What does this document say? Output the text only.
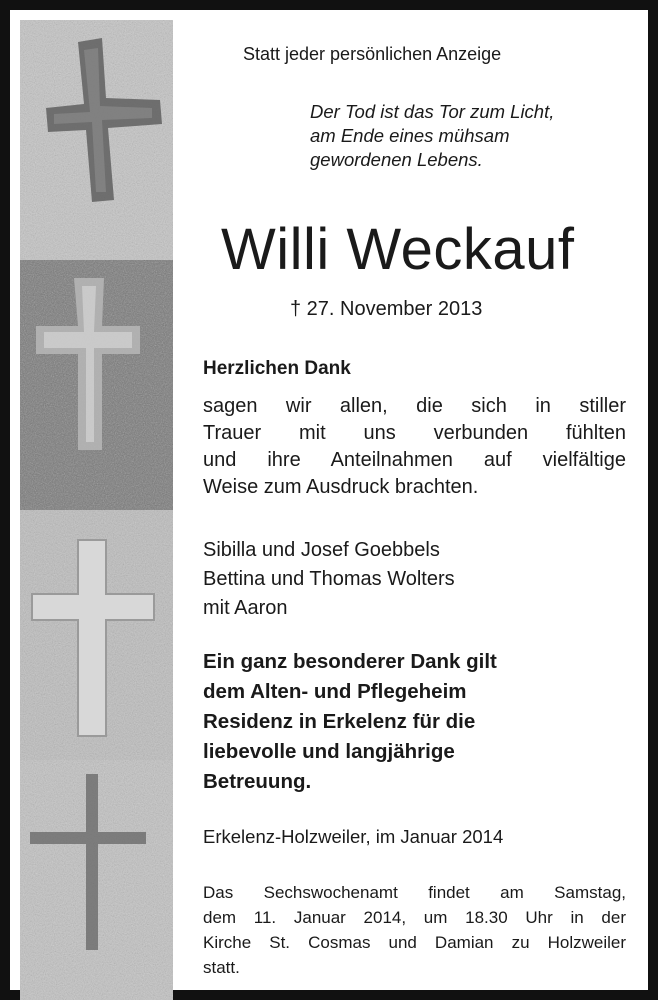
Statt jeder persönlichen Anzeige

Der Tod ist das Tor zum Licht,
am Ende eines mühsam
gewordenen Lebens.

Willi Weckauf

† 27. November 2013

Herzlichen Dank

sagen wir allen, die sich in stiller
Trauer mit uns verbunden fühlten
und ihre Anteilnahmen auf vielfältige
Weise zum Ausdruck brachten.
Sibilla und Josef Goebbels
Bettina und Thomas Wolters
mit Aaron
Ein ganz besonderer Dank gilt
dem Alten- und Pflegeheim
Residenz in Erkelenz für die
liebevolle und langjährige
Betreuung.

Erkelenz-Holzweiler, im Januar 2014

Das Sechswochenamt findet am Samstag,
dem 11. Januar 2014, um 18.30 Uhr in der
Kirche St. Cosmas und Damian zu Holzweiler
statt.
